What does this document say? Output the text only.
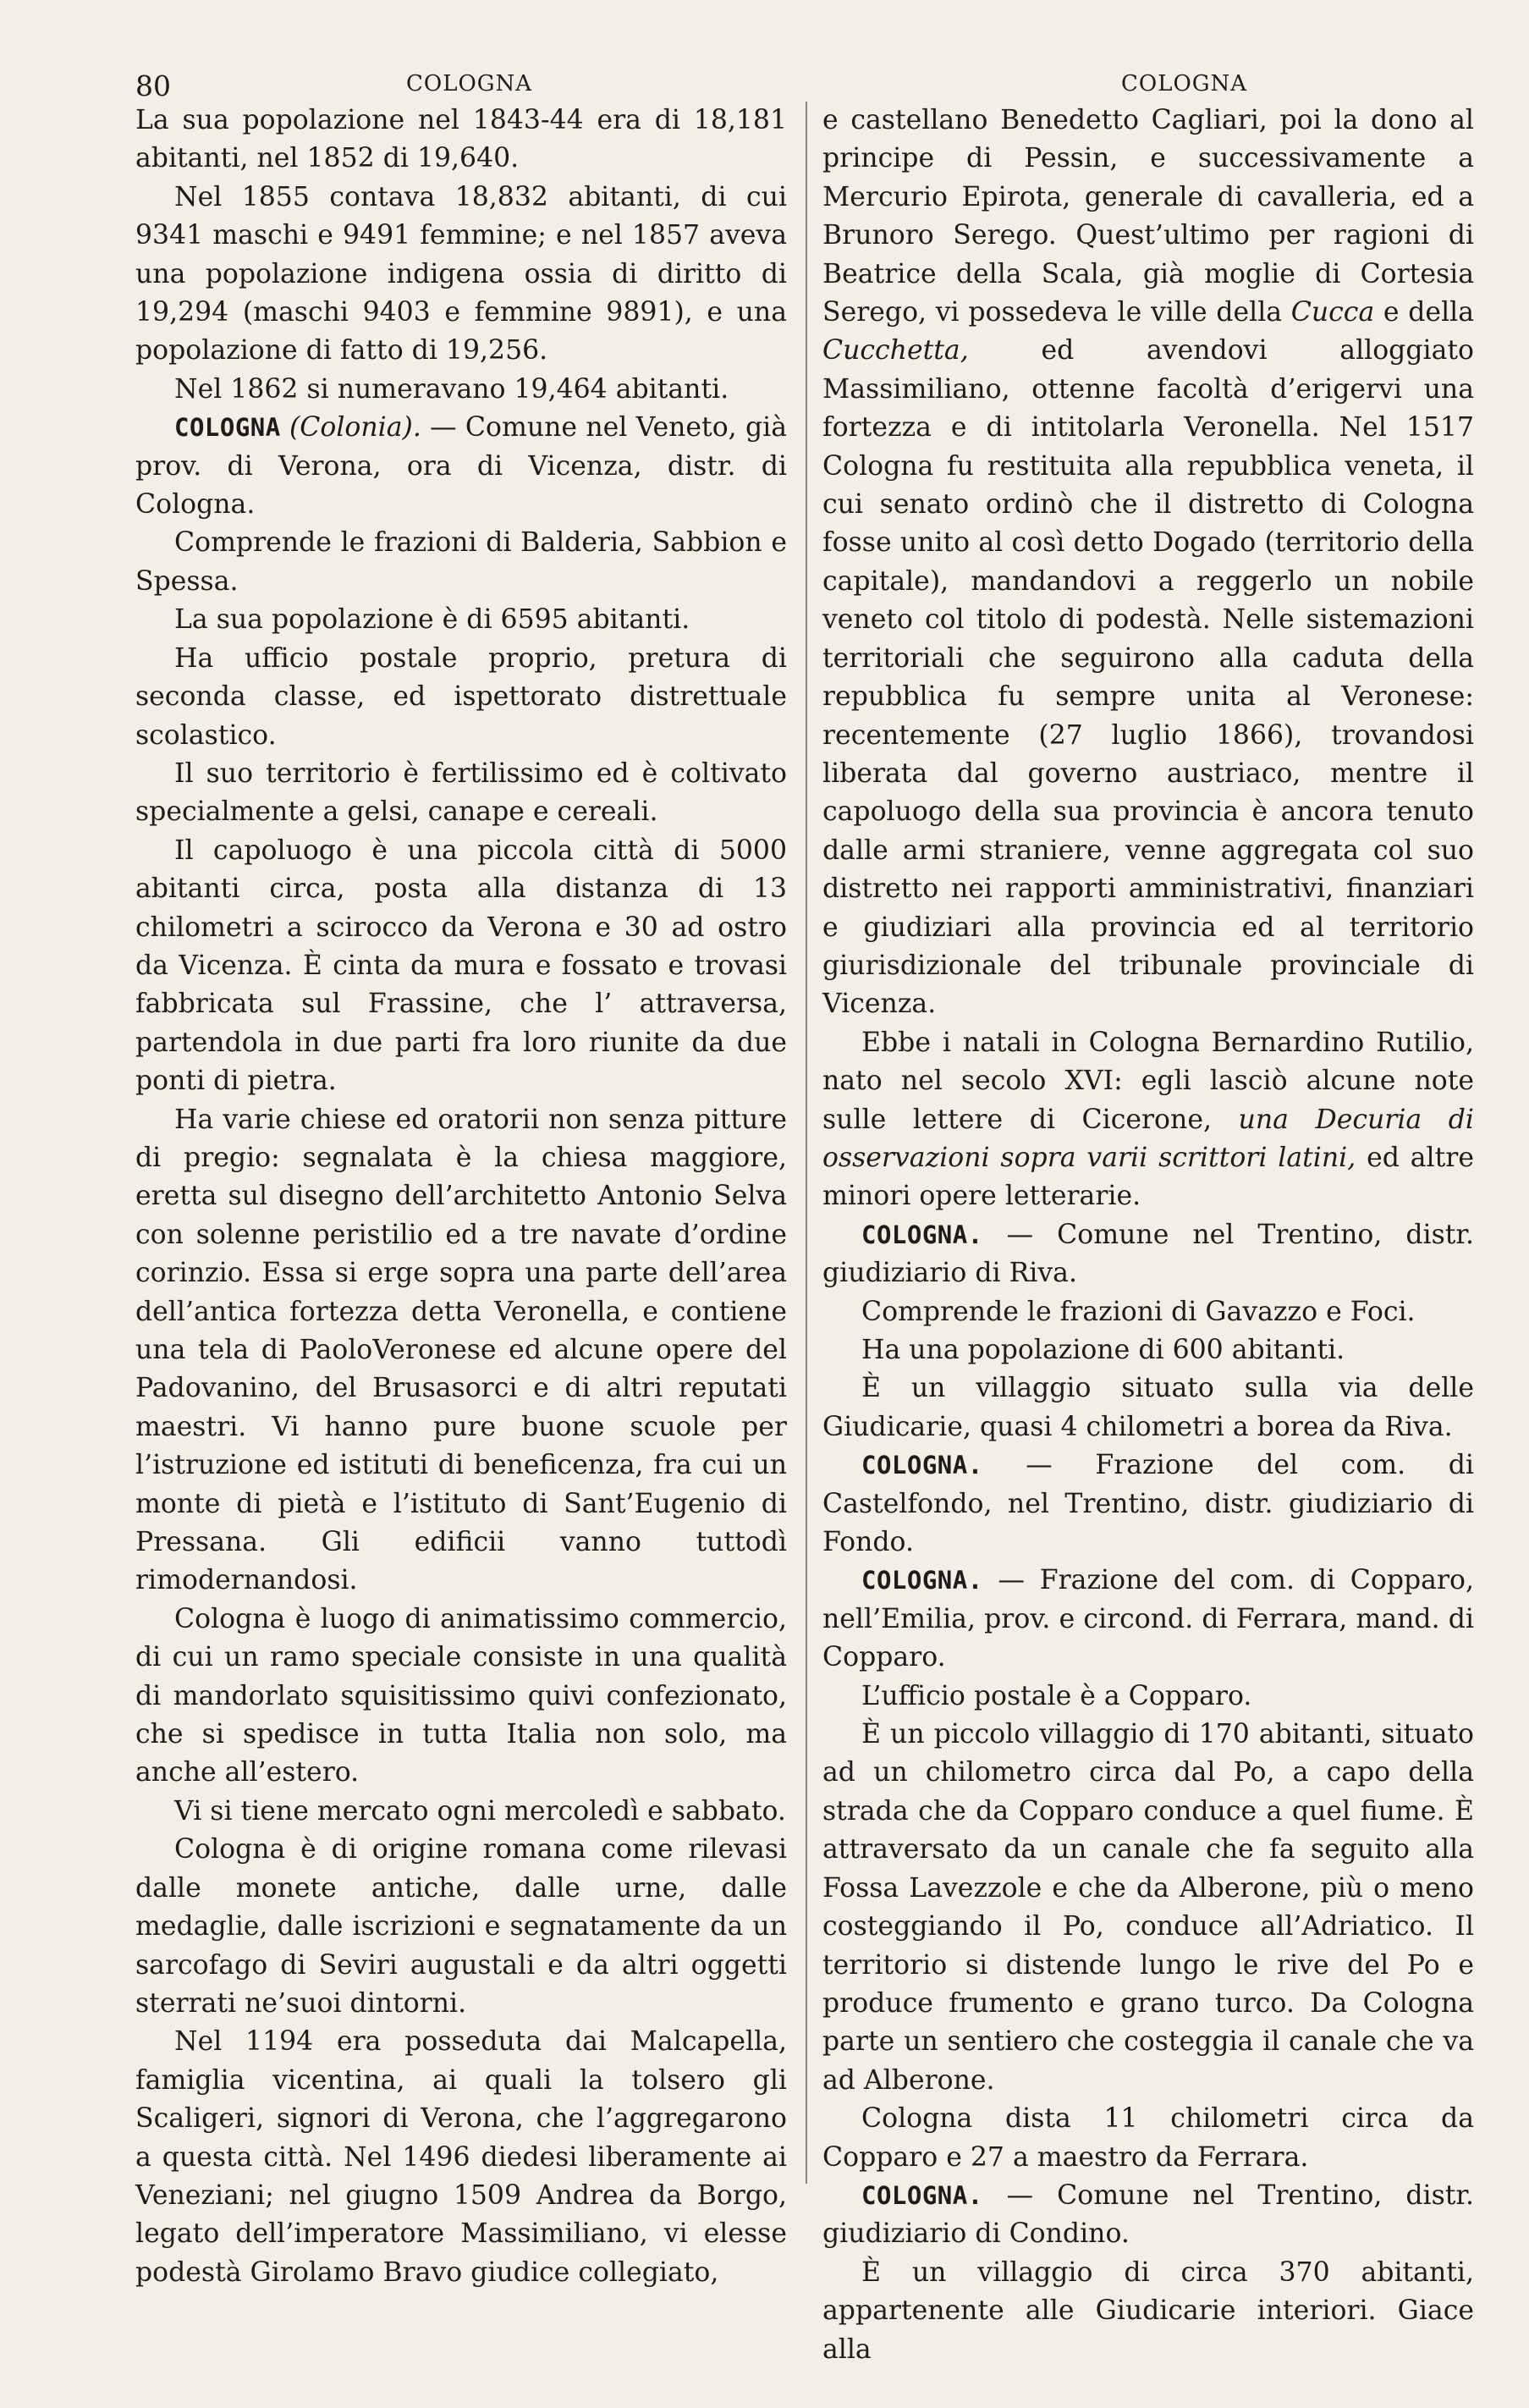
80	COLOGNA	COLOGNA

La sua popolazione nel 1843-44 era di 18,181 abitanti, nel 1852 di 19,640.

Nel 1855 contava 18,832 abitanti, di cui 9341 maschi e 9491 femmine; e nel 1857 aveva una popolazione indigena ossia di diritto di 19,294 (maschi 9403 e femmine 9891), e una popolazione di fatto di 19,256.

Nel 1862 si numeravano 19,464 abitanti.

COLOGNA (Colonia). — Comune nel Veneto, già prov. di Verona, ora di Vicenza, distr. di Cologna.

Comprende le frazioni di Balderia, Sabbion e Spessa.

La sua popolazione è di 6595 abitanti.

Ha ufficio postale proprio, pretura di seconda classe, ed ispettorato distrettuale scolastico.

Il suo territorio è fertilissimo ed è coltivato specialmente a gelsi, canape e cereali.

Il capoluogo è una piccola città di 5000 abitanti circa, posta alla distanza di 13 chilometri a scirocco da Verona e 30 ad ostro da Vicenza. È cinta da mura e fossato e trovasi fabbricata sul Frassine, che l’ attraversa, partendola in due parti fra loro riunite da due ponti di pietra.

Ha varie chiese ed oratorii non senza pitture di pregio: segnalata è la chiesa maggiore, eretta sul disegno dell’architetto Antonio Selva con solenne peristilio ed a tre navate d’ordine corinzio. Essa si erge sopra una parte dell’area dell’antica fortezza detta Veronella, e contiene una tela di PaoloVeronese ed alcune opere del Padovanino, del Brusasorci e di altri reputati maestri. Vi hanno pure buone scuole per l’istruzione ed istituti di beneficenza, fra cui un monte di pietà e l’istituto di Sant’Eugenio di Pressana. Gli edificii vanno tuttodì rimodernandosi.

Cologna è luogo di animatissimo commercio, di cui un ramo speciale consiste in una qualità di mandorlato squisitissimo quivi confezionato, che si spedisce in tutta Italia non solo, ma anche all’estero.

Vi si tiene mercato ogni mercoledì e sabbato.

Cologna è di origine romana come rilevasi dalle monete antiche, dalle urne, dalle medaglie, dalle iscrizioni e segnatamente da un sarcofago di Seviri augustali e da altri oggetti sterrati ne’suoi dintorni.

Nel 1194 era posseduta dai Malcapella, famiglia vicentina, ai quali la tolsero gli Scaligeri, signori di Verona, che l’aggregarono a questa città. Nel 1496 diedesi liberamente ai Veneziani; nel giugno 1509 Andrea da Borgo, legato dell’imperatore Massimiliano, vi elesse podestà Girolamo Bravo giudice collegiato,

e castellano Benedetto Cagliari, poi la dono al principe di Pessin, e successivamente a Mercurio Epirota, generale di cavalleria, ed a Brunoro Serego. Quest’ultimo per ragioni di Beatrice della Scala, già moglie di Cortesia Serego, vi possedeva le ville della Cucca e della Cucchetta, ed avendovi alloggiato Massimiliano, ottenne facoltà d’erigervi una fortezza e di intitolarla Veronella. Nel 1517 Cologna fu restituita alla repubblica veneta, il cui senato ordinò che il distretto di Cologna fosse unito al così detto Dogado (territorio della capitale), mandandovi a reggerlo un nobile veneto col titolo di podestà. Nelle sistemazioni territoriali che seguirono alla caduta della repubblica fu sempre unita al Veronese: recentemente (27 luglio 1866), trovandosi liberata dal governo austriaco, mentre il capoluogo della sua provincia è ancora tenuto dalle armi straniere, venne aggregata col suo distretto nei rapporti amministrativi, finanziari e giudiziari alla provincia ed al territorio giurisdizionale del tribunale provinciale di Vicenza.

Ebbe i natali in Cologna Bernardino Rutilio, nato nel secolo XVI: egli lasciò alcune note sulle lettere di Cicerone, una Decuria di osservazioni sopra varii scrittori latini, ed altre minori opere letterarie.

COLOGNA. — Comune nel Trentino, distr. giudiziario di Riva.

Comprende le frazioni di Gavazzo e Foci.

Ha una popolazione di 600 abitanti.

È un villaggio situato sulla via delle Giudicarie, quasi 4 chilometri a borea da Riva.

COLOGNA. — Frazione del com. di Castelfondo, nel Trentino, distr. giudiziario di Fondo.

COLOGNA. — Frazione del com. di Copparo, nell’Emilia, prov. e circond. di Ferrara, mand. di Copparo.

L’ufficio postale è a Copparo.

È un piccolo villaggio di 170 abitanti, situato ad un chilometro circa dal Po, a capo della strada che da Copparo conduce a quel fiume. È attraversato da un canale che fa seguito alla Fossa Lavezzole e che da Alberone, più o meno costeggiando il Po, conduce all’Adriatico. Il territorio si distende lungo le rive del Po e produce frumento e grano turco. Da Cologna parte un sentiero che costeggia il canale che va ad Alberone.

Cologna dista 11 chilometri circa da Copparo e 27 a maestro da Ferrara.

COLOGNA. — Comune nel Trentino, distr. giudiziario di Condino.

È un villaggio di circa 370 abitanti, appartenente alle Giudicarie interiori. Giace alla
